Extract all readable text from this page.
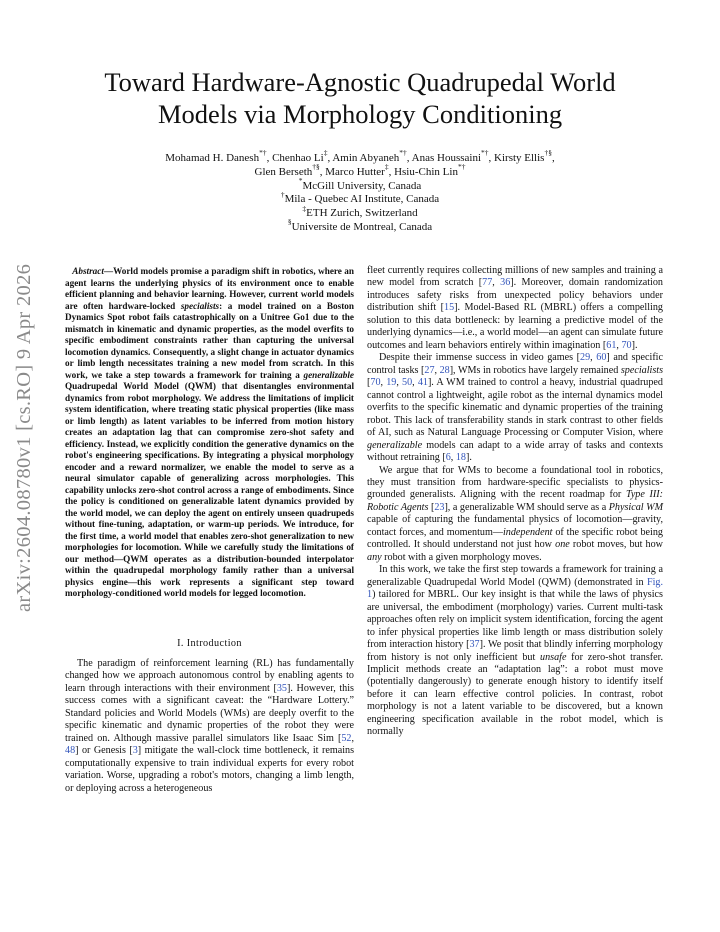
arXiv:2604.08780v1 [cs.RO] 9 Apr 2026
Toward Hardware-Agnostic Quadrupedal World
Models via Morphology Conditioning
Mohamad H. Danesh*†, Chenhao Li‡, Amin Abyaneh*†, Anas Houssaini*†, Kirsty Ellis†§,
Glen Berseth†§, Marco Hutter‡, Hsiu-Chin Lin*†
*McGill University, Canada
†Mila - Quebec AI Institute, Canada
‡ETH Zurich, Switzerland
§Universite de Montreal, Canada

Abstract—World models promise a paradigm shift in robotics, where an agent learns the underlying physics of its environment once to enable efficient planning and behavior learning. However, current world models are often hardware-locked specialists: a model trained on a Boston Dynamics Spot robot fails catastrophically on a Unitree Go1 due to the mismatch in kinematic and dynamic properties, as the model overfits to specific embodiment constraints rather than capturing the universal locomotion dynamics. Consequently, a slight change in actuator dynamics or limb length necessitates training a new model from scratch. In this work, we take a step towards a framework for training a generalizable Quadrupedal World Model (QWM) that disentangles environmental dynamics from robot morphology. We address the limitations of implicit system identification, where treating static physical properties (like mass or limb length) as latent variables to be inferred from motion history creates an adaptation lag that can compromise zero-shot safety and efficiency. Instead, we explicitly condition the generative dynamics on the robot's engineering specifications. By integrating a physical morphology encoder and a reward normalizer, we enable the model to serve as a neural simulator capable of generalizing across morphologies. This capability unlocks zero-shot control across a range of embodiments. Since the policy is conditioned on generalizable latent dynamics provided by the world model, we can deploy the agent on entirely unseen quadrupeds without fine-tuning, adaptation, or warm-up periods. We introduce, for the first time, a world model that enables zero-shot generalization to new morphologies for locomotion. While we carefully study the limitations of our method—QWM operates as a distribution-bounded interpolator within the quadrupedal morphology family rather than a universal physics engine—this work represents a significant step toward morphology-conditioned world models for legged locomotion.

I. Introduction

The paradigm of reinforcement learning (RL) has fundamentally changed how we approach autonomous control by enabling agents to learn through interactions with their environment [35]. However, this success comes with a significant caveat: the “Hardware Lottery.” Standard policies and World Models (WMs) are deeply overfit to the specific kinematic and dynamic properties of the robot they were trained on. Although massive parallel simulators like Isaac Sim [52, 48] or Genesis [3] mitigate the wall-clock time bottleneck, it remains computationally expensive to train individual experts for every robot variation. Worse, upgrading a robot's motors, changing a limb length, or deploying across a heterogeneous

fleet currently requires collecting millions of new samples and training a new model from scratch [77, 36]. Moreover, domain randomization introduces safety risks from unexpected policy behaviors under distribution shift [15]. Model-Based RL (MBRL) offers a compelling solution to this data bottleneck: by learning a predictive model of the underlying dynamics—i.e., a world model—an agent can simulate future outcomes and learn behaviors entirely within imagination [61, 70].

Despite their immense success in video games [29, 60] and specific control tasks [27, 28], WMs in robotics have largely remained specialists [70, 19, 50, 41]. A WM trained to control a heavy, industrial quadruped cannot control a lightweight, agile robot as the internal dynamics model overfits to the specific kinematic and dynamic properties of the training robot. This lack of transferability stands in stark contrast to other fields of AI, such as Natural Language Processing or Computer Vision, where generalizable models can adapt to a wide array of tasks and contexts without retraining [6, 18].

We argue that for WMs to become a foundational tool in robotics, they must transition from hardware-specific specialists to physics-grounded generalists. Aligning with the recent roadmap for Type III: Robotic Agents [23], a generalizable WM should serve as a Physical WM capable of capturing the fundamental physics of locomotion—gravity, contact forces, and momentum—independent of the specific robot being controlled. It should understand not just how one robot moves, but how any robot with a given morphology moves.

In this work, we take the first step towards a framework for training a generalizable Quadrupedal World Model (QWM) (demonstrated in Fig. 1) tailored for MBRL. Our key insight is that while the laws of physics are universal, the embodiment (morphology) varies. Current multi-task approaches often rely on implicit system identification, forcing the agent to infer physical properties like limb length or mass distribution solely from interaction history [37]. We posit that blindly inferring morphology from history is not only inefficient but unsafe for zero-shot transfer. Implicit methods create an “adaptation lag”: a robot must move (potentially dangerously) to generate enough history to identify itself before it can learn effective control policies. In contrast, robot morphology is not a latent variable to be discovered, but a known engineering specification available in the robot model, which is normally
